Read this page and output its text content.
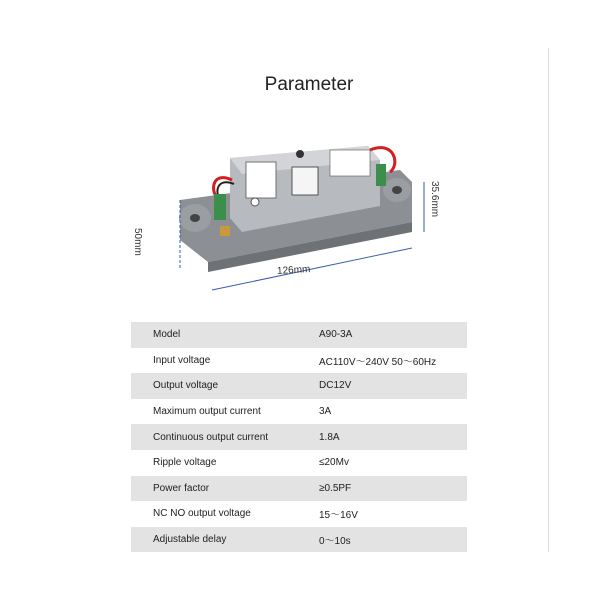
Parameter
126mm
50mm
35.6mm
Model	A90-3A
Input voltage	AC110V～240V 50～60Hz
Output voltage	DC12V
Maximum output current	3A
Continuous output current	1.8A
Ripple voltage	≤20Mv
Power factor	≥0.5PF
NC NO output voltage	15～16V
Adjustable delay	0～10s
